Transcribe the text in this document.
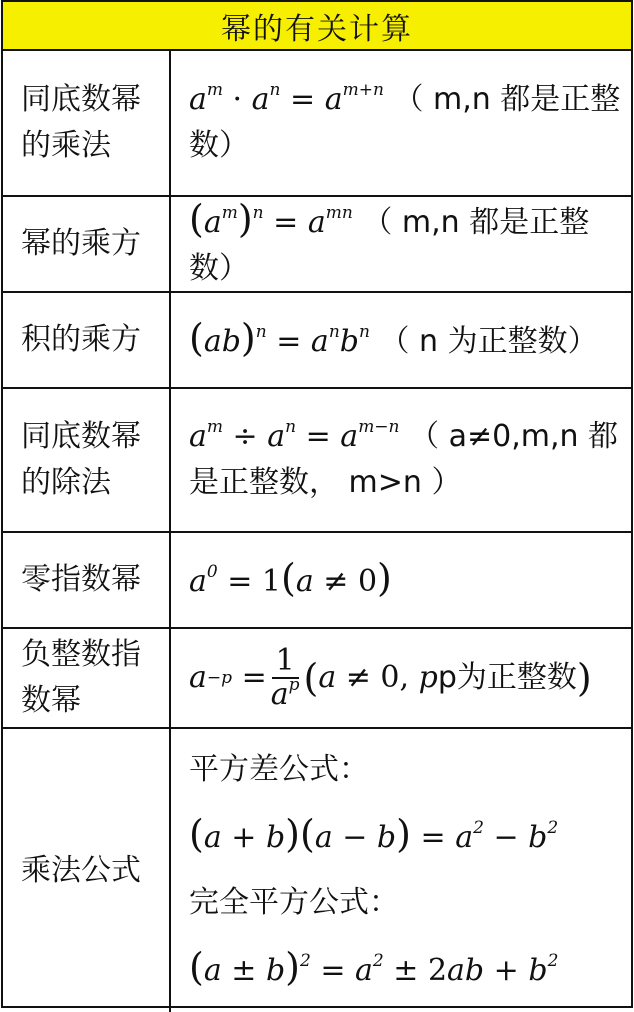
幂的有关计算
同底数幂的乘法
$a^m \cdot a^n = a^{m+n}$ （ m,n 都是正整数）
幂的乘方
$(a^m)^n = a^{mn}$ （ m,n 都是正整数）
积的乘方	$(ab)^n = a^nb^n$ （ n 为正整数）
同底数幂的除法
$a^m \div a^n = a^{m-n}$ （ a≠0,m,n 都是正整数， m>n ）
零指数幂	$a^0 = 1(a \ne 0)$
负整数指数幂
$a -p = \frac{1}{a^p}$ ( a ≠ 0, p p为正整数 )
乘法公式
平方差公式：
$(a + b)(a - b) = a^2 - b^2$
完全平方公式：
$(a \pm b)^2 = a^2 \pm 2ab + b^2$
